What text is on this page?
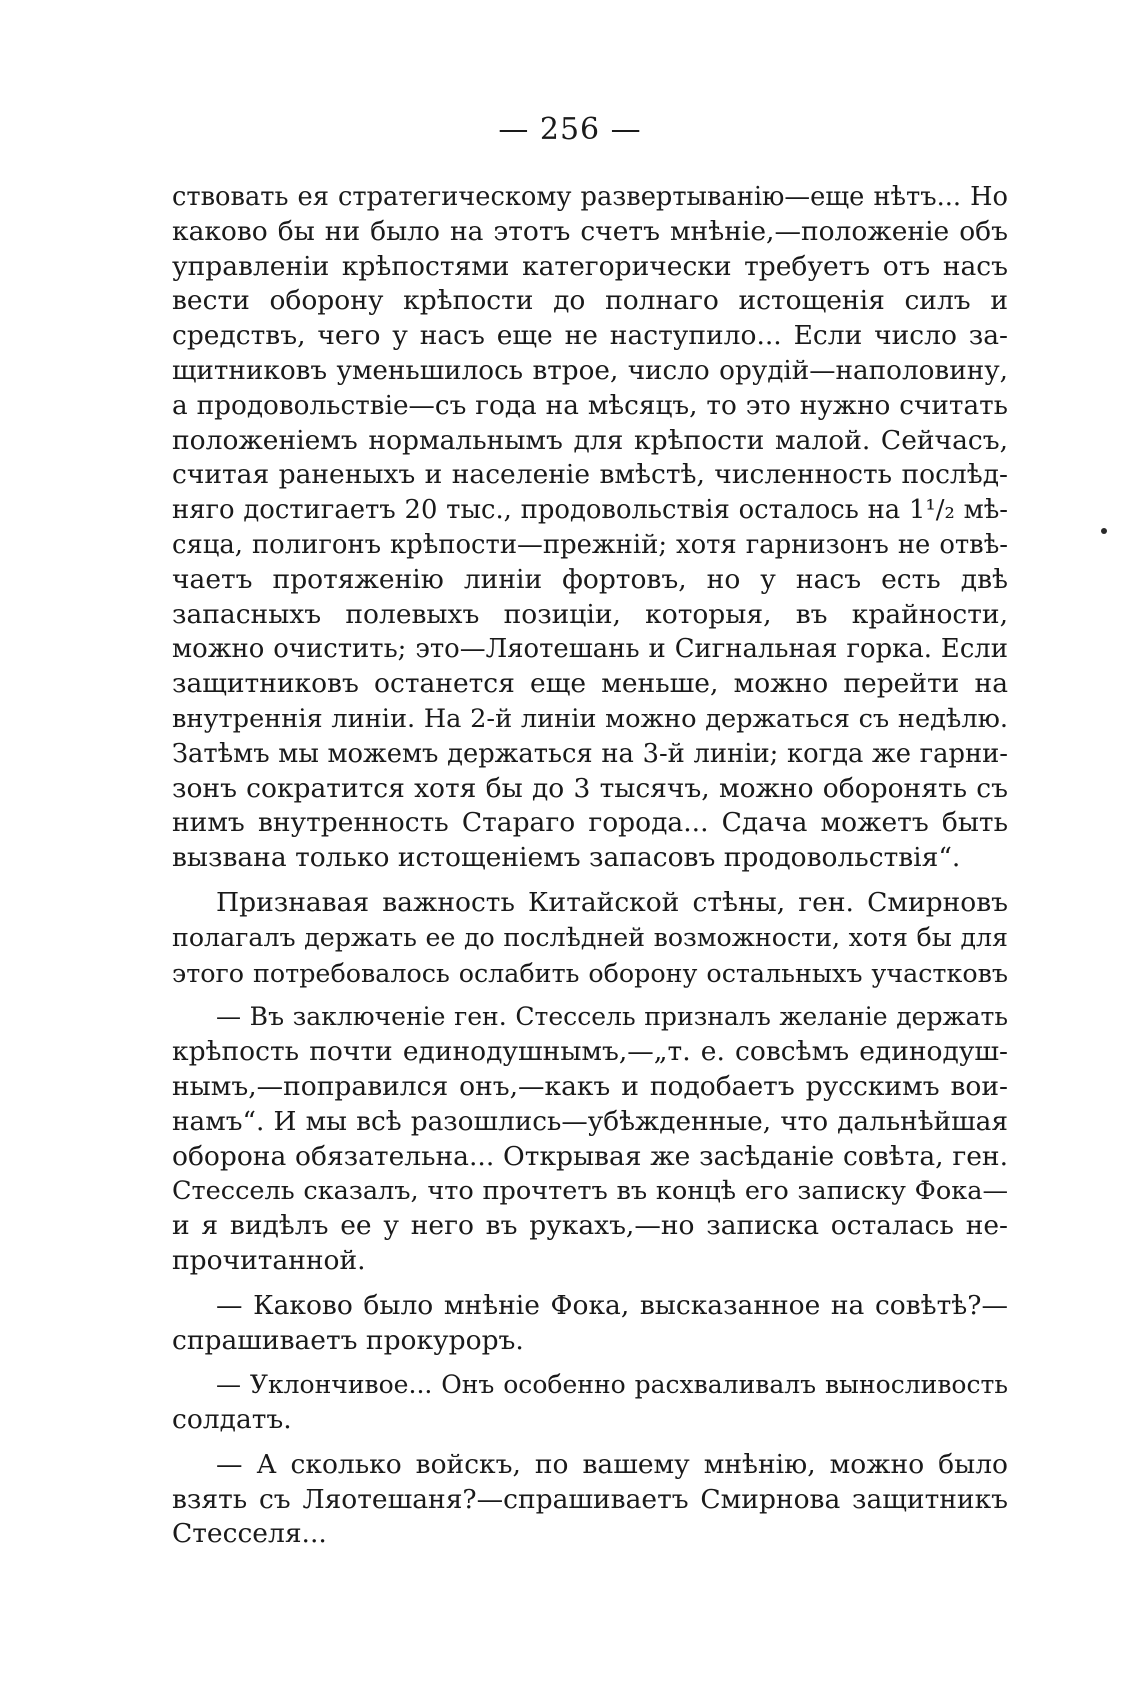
— 256 —
ствовать ея стратегическому развертыванію—еще нѣтъ... Но
каково бы ни было на этотъ счетъ мнѣніе,—положеніе объ
управленіи крѣпостями категорически требуетъ отъ насъ
вести оборону крѣпости до полнаго истощенія силъ и
средствъ, чего у насъ еще не наступило... Если число за-
щитниковъ уменьшилось втрое, число орудій—наполовину,
а продовольствіе—съ года на мѣсяцъ, то это нужно считать
положеніемъ нормальнымъ для крѣпости малой. Сейчасъ,
считая раненыхъ и населеніе вмѣстѣ, численность послѣд-
няго достигаетъ 20 тыс., продовольствія осталось на 1¹/₂ мѣ-
сяца, полигонъ крѣпости—прежній; хотя гарнизонъ не отвѣ-
чаетъ протяженію линіи фортовъ, но у насъ есть двѣ
запасныхъ полевыхъ позиціи, которыя, въ крайности,
можно очистить; это—Ляотешань и Сигнальная горка. Если
защитниковъ останется еще меньше, можно перейти на
внутреннія линіи. На 2-й линіи можно держаться съ недѣлю.
Затѣмъ мы можемъ держаться на 3-й линіи; когда же гарни-
зонъ сократится хотя бы до 3 тысячъ, можно оборонять съ
нимъ внутренность Стараго города... Сдача можетъ быть
вызвана только истощеніемъ запасовъ продовольствія“.
Признавая важность Китайской стѣны, ген. Смирновъ
полагалъ держать ее до послѣдней возможности, хотя бы для
этого потребовалось ослабить оборону остальныхъ участковъ
— Въ заключеніе ген. Стессель призналъ желаніе держать
крѣпость почти единодушнымъ,—„т. е. совсѣмъ единодуш-
нымъ,—поправился онъ,—какъ и подобаетъ русскимъ вои-
намъ“. И мы всѣ разошлись—убѣжденные, что дальнѣйшая
оборона обязательна... Открывая же засѣданіе совѣта, ген.
Стессель сказалъ, что прочтетъ въ концѣ его записку Фока—
и я видѣлъ ее у него въ рукахъ,—но записка осталась не-
прочитанной.
— Каково было мнѣніе Фока, высказанное на совѣтѣ?—
спрашиваетъ прокуроръ.
— Уклончивое... Онъ особенно расхваливалъ выносливость
солдатъ.
— А сколько войскъ, по вашему мнѣнію, можно было
взять съ Ляотешаня?—спрашиваетъ Смирнова защитникъ
Стесселя...
